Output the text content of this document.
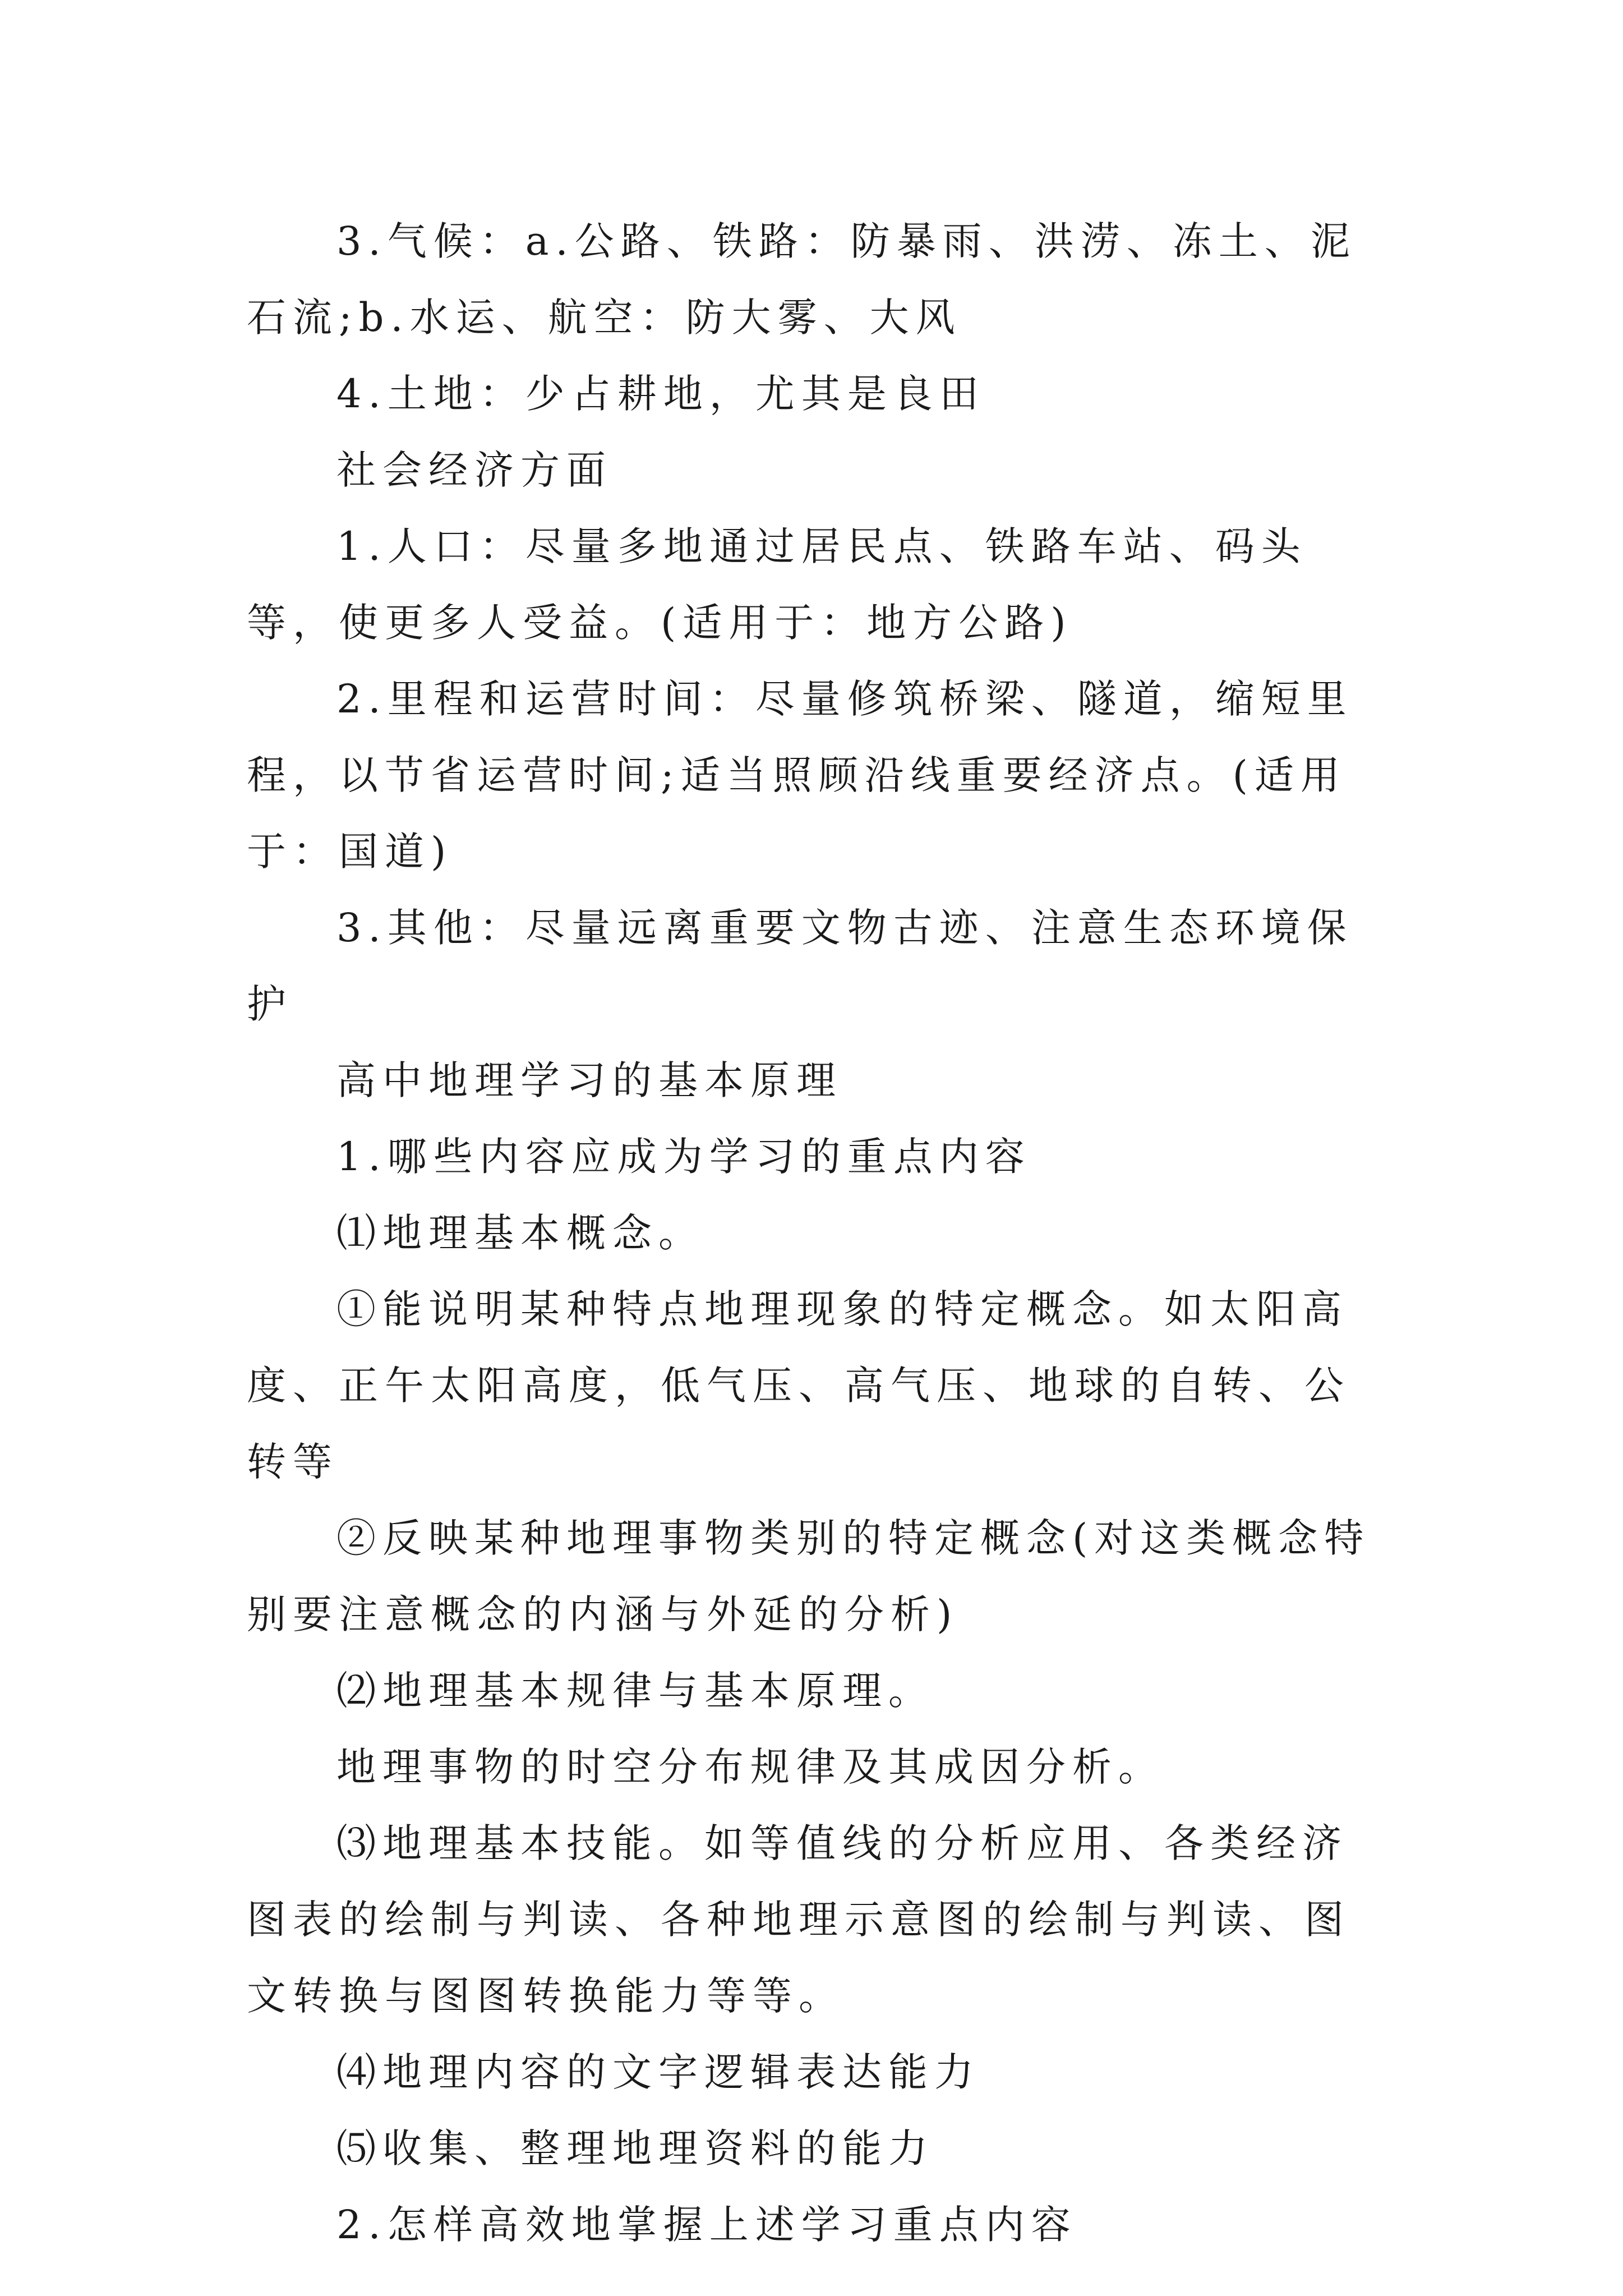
3.气候：a.公路、铁路：防暴雨、洪涝、冻土、泥石流;b.水运、航空：防大雾、大风

4.土地：少占耕地，尤其是良田

社会经济方面

1.人口：尽量多地通过居民点、铁路车站、码头等，使更多人受益。(适用于：地方公路)

2.里程和运营时间：尽量修筑桥梁、隧道，缩短里程，以节省运营时间;适当照顾沿线重要经济点。(适用于：国道)

3.其他：尽量远离重要文物古迹、注意生态环境保护

高中地理学习的基本原理

1.哪些内容应成为学习的重点内容

⑴地理基本概念。

①能说明某种特点地理现象的特定概念。如太阳高度、正午太阳高度，低气压、高气压、地球的自转、公转等

②反映某种地理事物类别的特定概念(对这类概念特别要注意概念的内涵与外延的分析)

⑵地理基本规律与基本原理。

地理事物的时空分布规律及其成因分析。

⑶地理基本技能。如等值线的分析应用、各类经济图表的绘制与判读、各种地理示意图的绘制与判读、图文转换与图图转换能力等等。

⑷地理内容的文字逻辑表达能力

⑸收集、整理地理资料的能力

2.怎样高效地掌握上述学习重点内容
